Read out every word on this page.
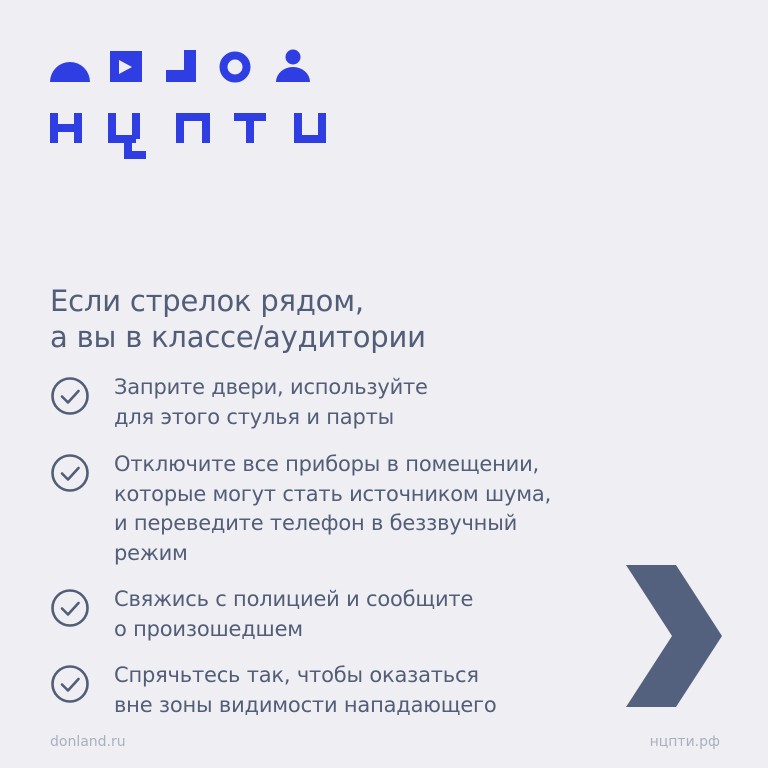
Если стрелок рядом,
а вы в классе/аудитории
Заприте двери, используйте
для этого стулья и парты
Отключите все приборы в помещении,
которые могут стать источником шума,
и переведите телефон в беззвучный
режим
Свяжись с полицией и сообщите
о произошедшем
Спрячьтесь так, чтобы оказаться
вне зоны видимости нападающего
donland.ru	нцпти.рф
